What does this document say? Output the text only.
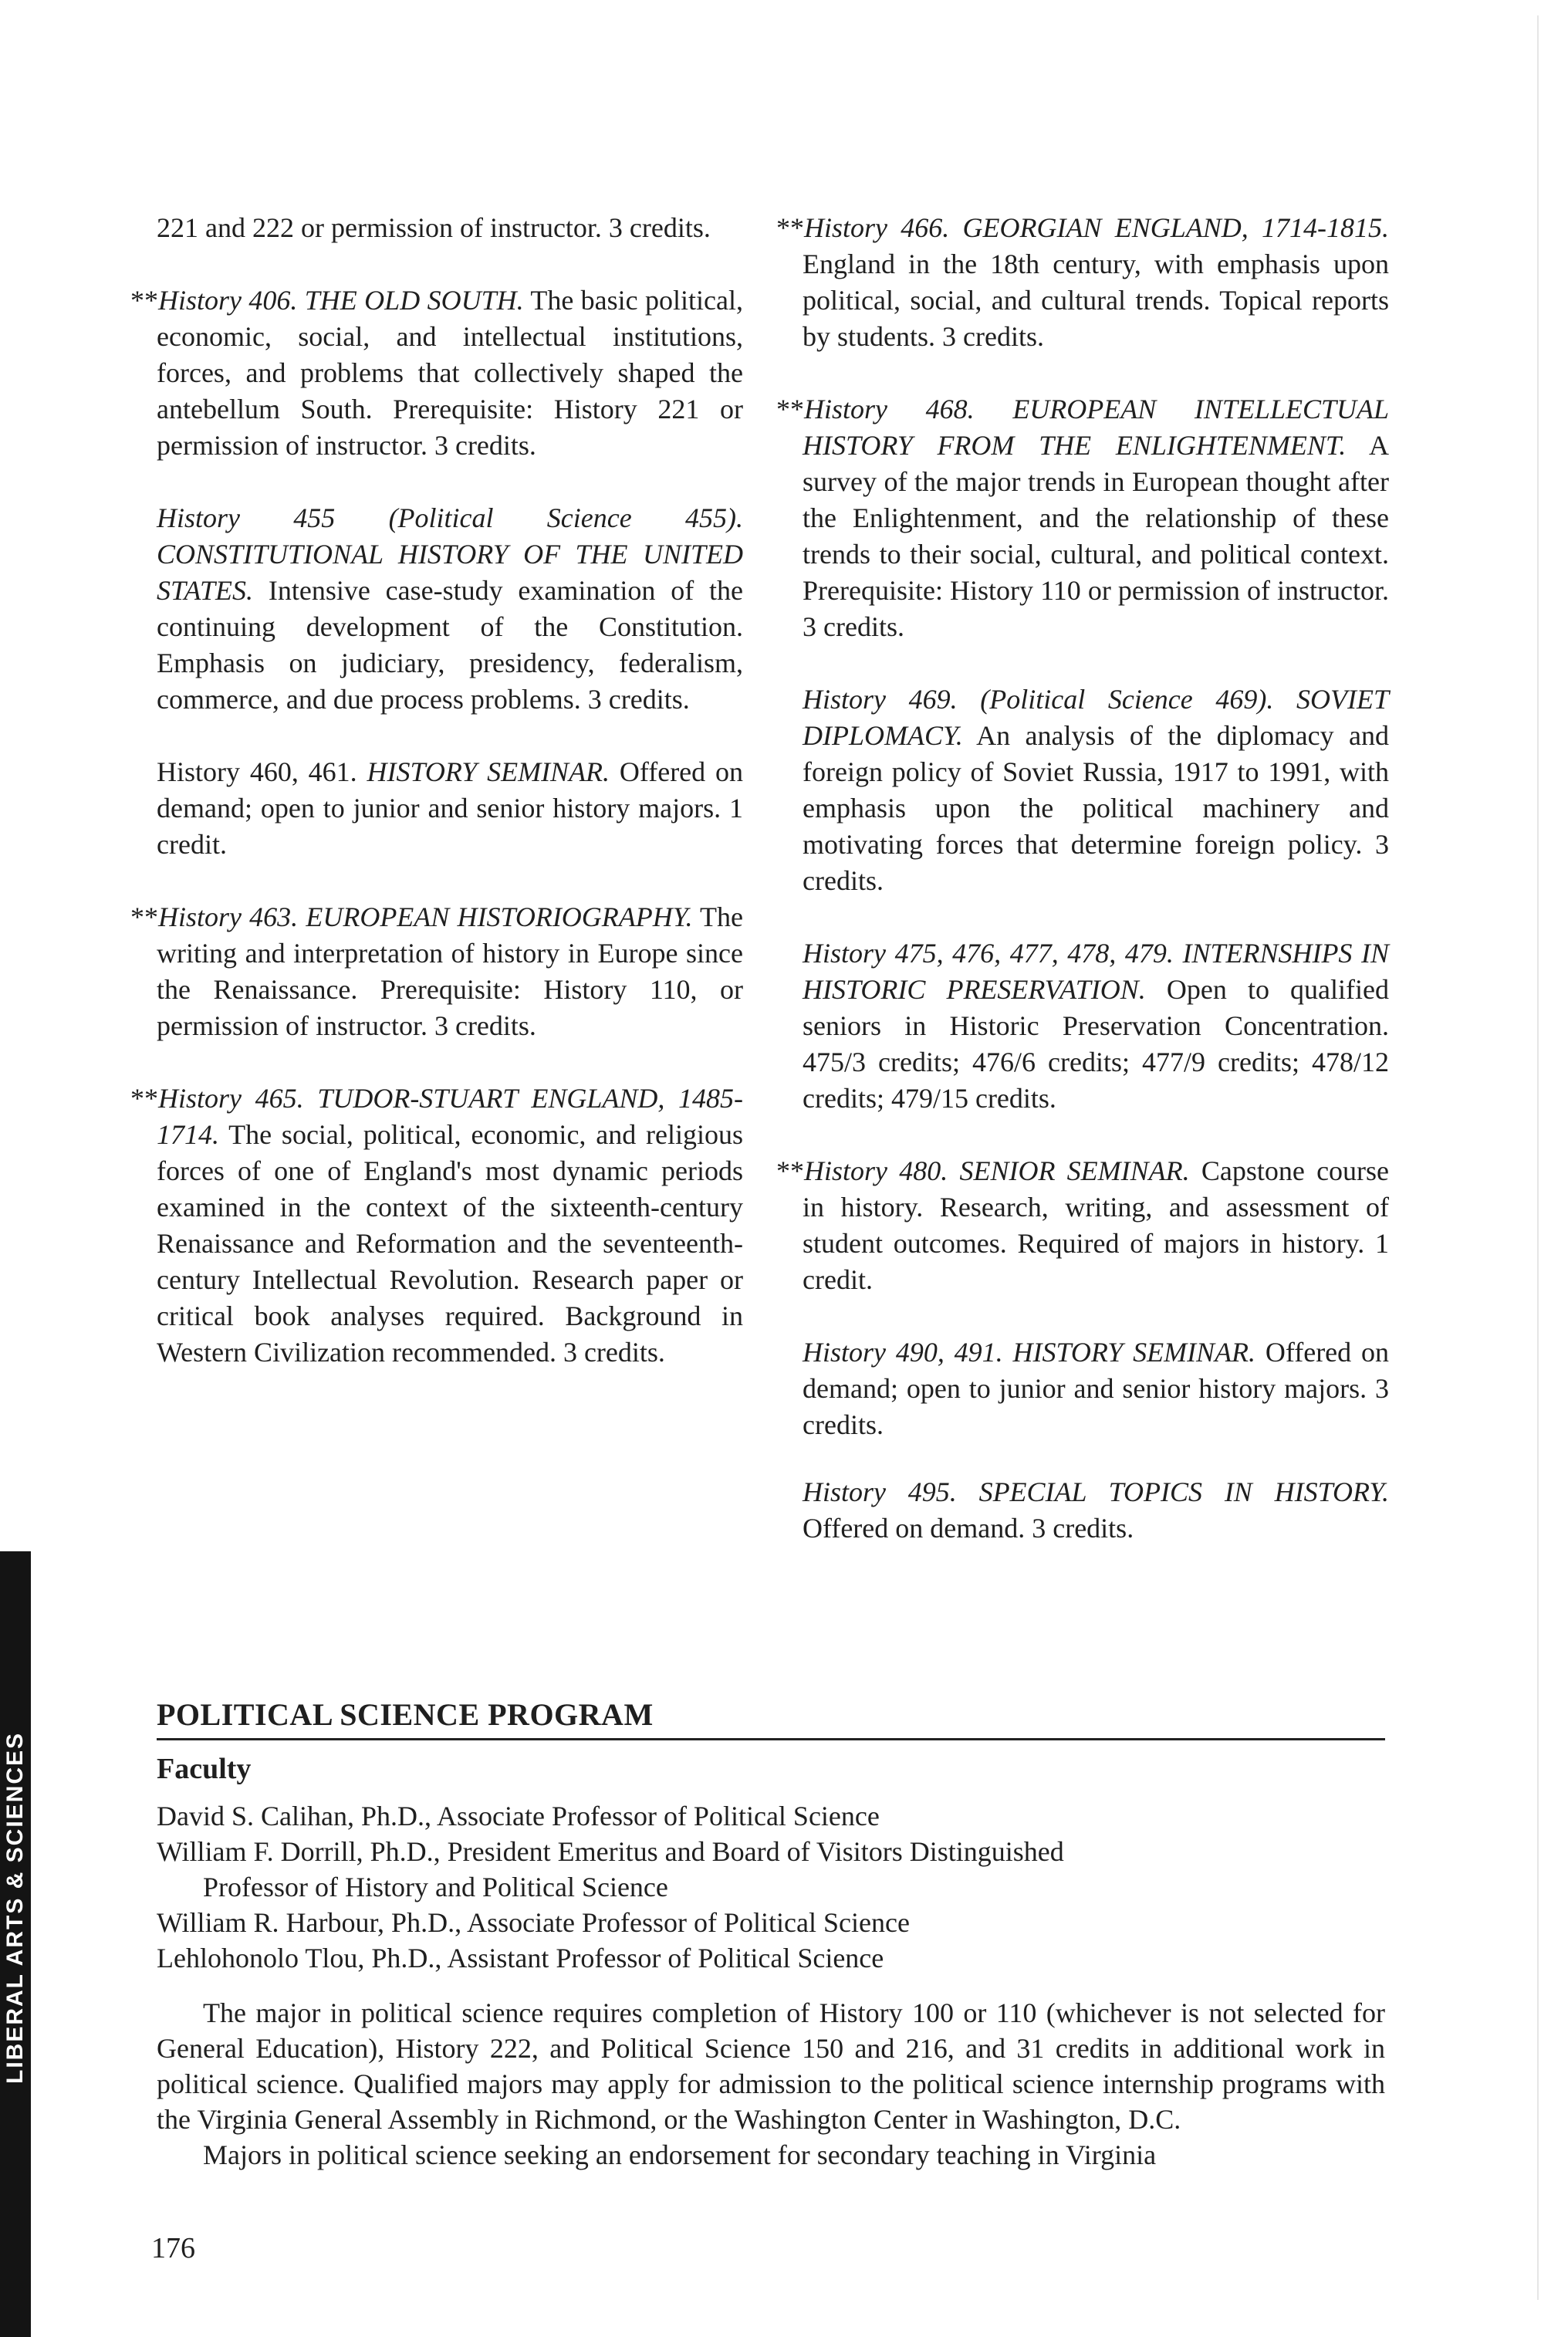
221 and 222 or permission of instructor. 3 credits.

**History 406. THE OLD SOUTH. The basic political, economic, social, and intellectual institutions, forces, and problems that collectively shaped the antebellum South. Prerequisite: History 221 or permission of instructor. 3 credits.

History 455 (Political Science 455). CONSTITUTIONAL HISTORY OF THE UNITED STATES. Intensive case-study examination of the continuing development of the Constitution. Emphasis on judiciary, presidency, federalism, commerce, and due process problems. 3 credits.

History 460, 461. HISTORY SEMINAR. Offered on demand; open to junior and senior history majors. 1 credit.

**History 463. EUROPEAN HISTORIOGRAPHY. The writing and interpretation of history in Europe since the Renaissance. Prerequisite: History 110, or permission of instructor. 3 credits.

**History 465. TUDOR-STUART ENGLAND, 1485-1714. The social, political, economic, and religious forces of one of England's most dynamic periods examined in the context of the sixteenth-century Renaissance and Reformation and the seventeenth-century Intellectual Revolution. Research paper or critical book analyses required. Background in Western Civilization recommended. 3 credits.

**History 466. GEORGIAN ENGLAND, 1714-1815. England in the 18th century, with emphasis upon political, social, and cultural trends. Topical reports by students. 3 credits.

**History 468. EUROPEAN INTELLECTUAL HISTORY FROM THE ENLIGHTENMENT. A survey of the major trends in European thought after the Enlightenment, and the relationship of these trends to their social, cultural, and political context. Prerequisite: History 110 or permission of instructor. 3 credits.

History 469. (Political Science 469). SOVIET DIPLOMACY. An analysis of the diplomacy and foreign policy of Soviet Russia, 1917 to 1991, with emphasis upon the political machinery and motivating forces that determine foreign policy. 3 credits.

History 475, 476, 477, 478, 479. INTERNSHIPS IN HISTORIC PRESERVATION. Open to qualified seniors in Historic Preservation Concentration. 475/3 credits; 476/6 credits; 477/9 credits; 478/12 credits; 479/15 credits.

**History 480. SENIOR SEMINAR. Capstone course in history. Research, writing, and assessment of student outcomes. Required of majors in history. 1 credit.

History 490, 491. HISTORY SEMINAR. Offered on demand; open to junior and senior history majors. 3 credits.

History 495. SPECIAL TOPICS IN HISTORY. Offered on demand. 3 credits.

POLITICAL SCIENCE PROGRAM
Faculty
David S. Calihan, Ph.D., Associate Professor of Political Science
William F. Dorrill, Ph.D., President Emeritus and Board of Visitors Distinguished
Professor of History and Political Science
William R. Harbour, Ph.D., Associate Professor of Political Science
Lehlohonolo Tlou, Ph.D., Assistant Professor of Political Science

The major in political science requires completion of History 100 or 110 (whichever is not selected for General Education), History 222, and Political Science 150 and 216, and 31 credits in additional work in political science. Qualified majors may apply for admission to the political science internship programs with the Virginia General Assembly in Richmond, or the Washington Center in Washington, D.C.

Majors in political science seeking an endorsement for secondary teaching in Virginia

176
LIBERAL ARTS & SCIENCES
